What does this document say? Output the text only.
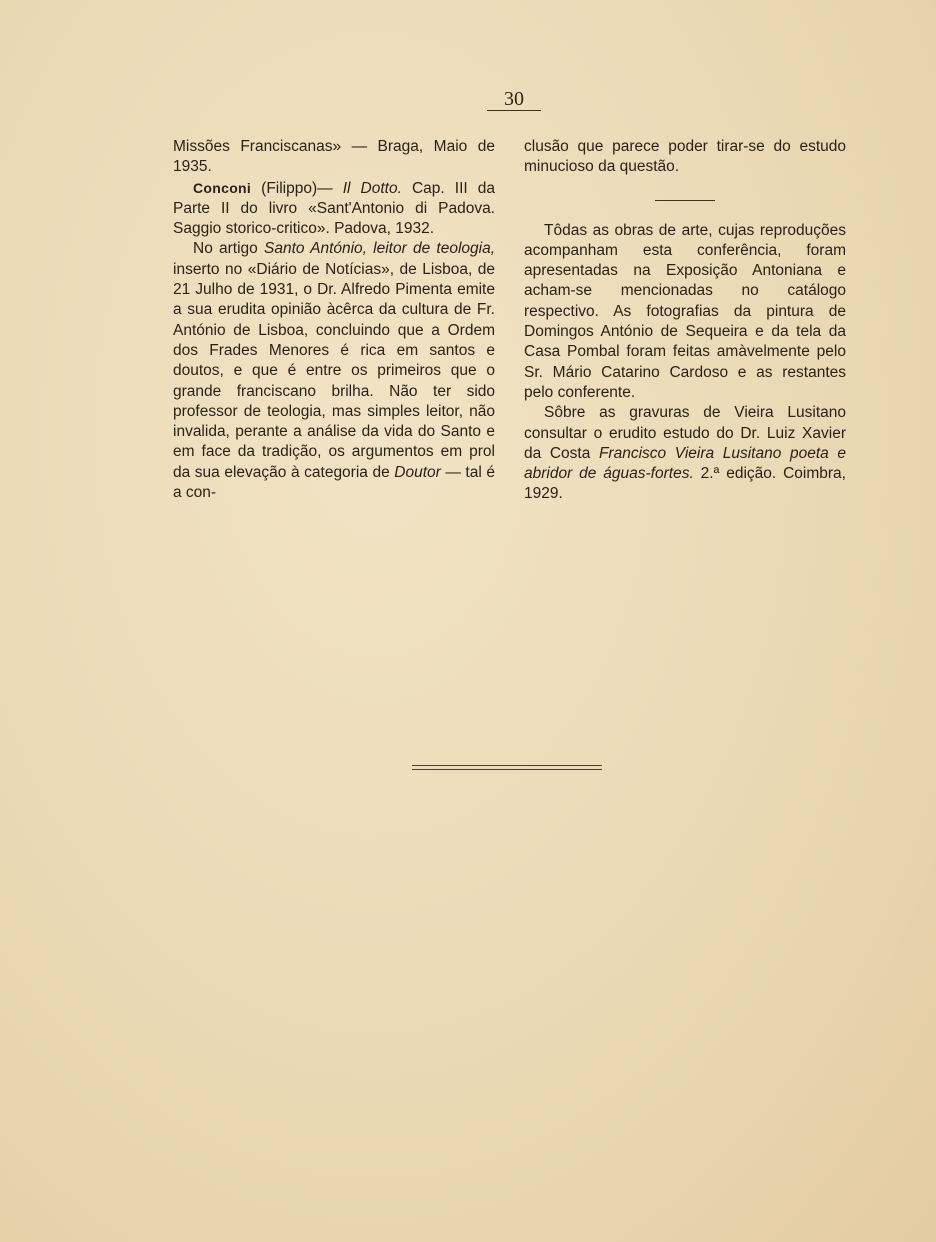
30

Missões Franciscanas» — Braga, Maio de 1935.

Conconi (Filippo)— Il Dotto. Cap. III da Parte II do livro «Sant'Antonio di Padova. Saggio storico-critico». Padova, 1932.

No artigo Santo António, leitor de teologia, inserto no «Diário de Notícias», de Lisboa, de 21 Julho de 1931, o Dr. Alfredo Pimenta emite a sua erudita opinião àcêrca da cultura de Fr. António de Lisboa, concluindo que a Ordem dos Frades Menores é rica em santos e doutos, e que é entre os primeiros que o grande franciscano brilha. Não ter sido professor de teologia, mas simples leitor, não invalida, perante a análise da vida do Santo e em face da tradição, os argumentos em prol da sua elevação à categoria de Doutor — tal é a con-

clusão que parece poder tirar-se do estudo minucioso da questão.

Tôdas as obras de arte, cujas reproduções acompanham esta conferência, foram apresentadas na Exposição Antoniana e acham-se mencionadas no catálogo respectivo. As fotografias da pintura de Domingos António de Sequeira e da tela da Casa Pombal foram feitas amàvelmente pelo Sr. Mário Catarino Cardoso e as restantes pelo conferente.

Sôbre as gravuras de Vieira Lusitano consultar o erudito estudo do Dr. Luiz Xavier da Costa Francisco Vieira Lusitano poeta e abridor de águas-fortes. 2.ª edição. Coimbra, 1929.
